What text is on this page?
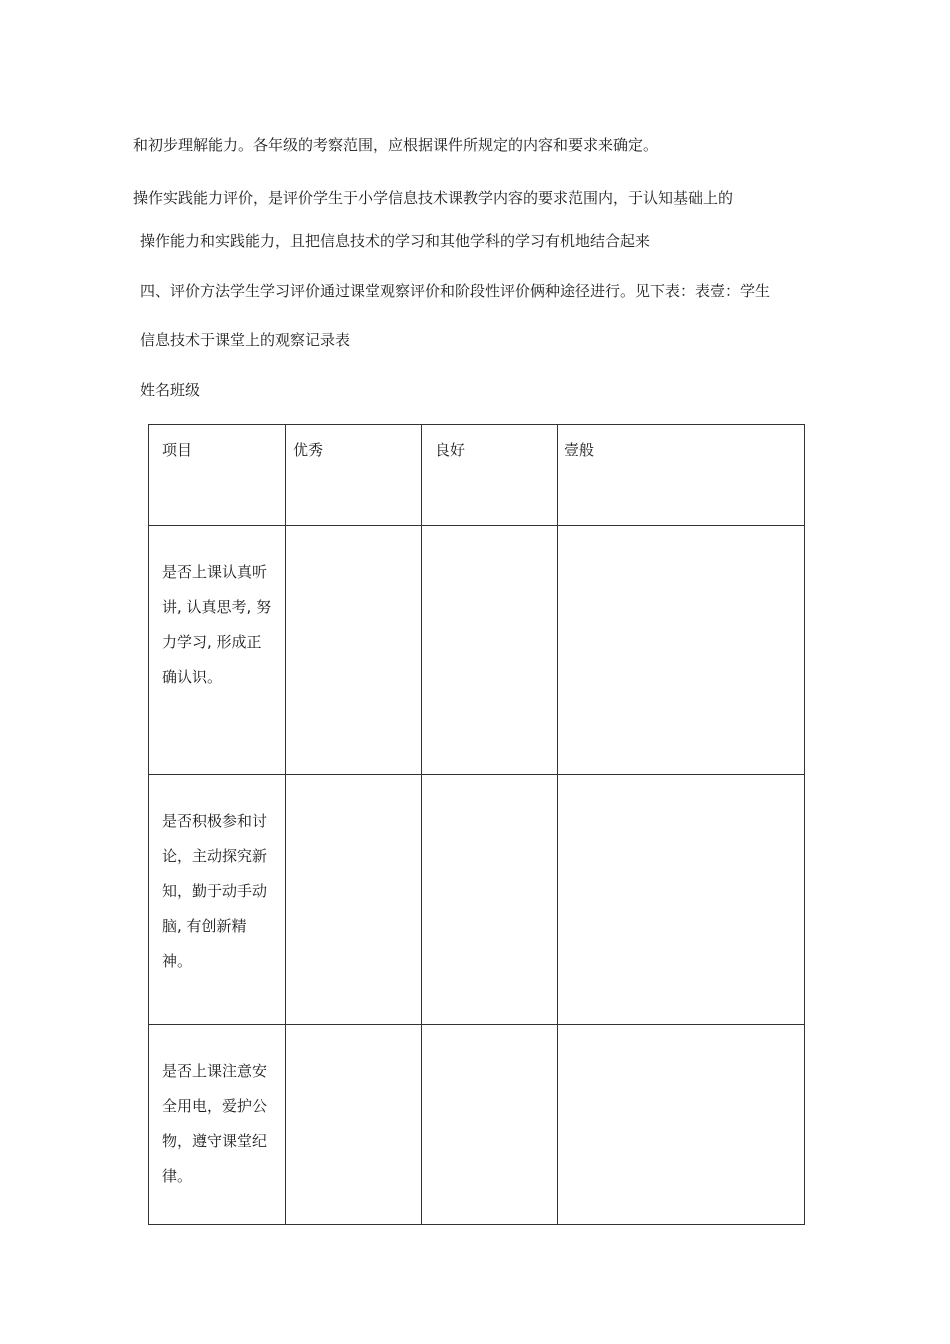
和初步理解能力。各年级的考察范围，应根据课件所规定的内容和要求来确定。
操作实践能力评价，是评价学生于小学信息技术课教学内容的要求范围内，于认知基础上的
操作能力和实践能力，且把信息技术的学习和其他学科的学习有机地结合起来
四、评价方法学生学习评价通过课堂观察评价和阶段性评价俩种途径进行。见下表：表壹：学生
信息技术于课堂上的观察记录表
姓名班级
项目	优秀	良好	壹般

是否上课认真听
讲, 认真思考, 努
力学习, 形成正
确认识。			

是否积极参和讨
论，主动探究新
知，勤于动手动
脑, 有创新精
神。			

是否上课注意安
全用电，爱护公
物，遵守课堂纪
律。			
